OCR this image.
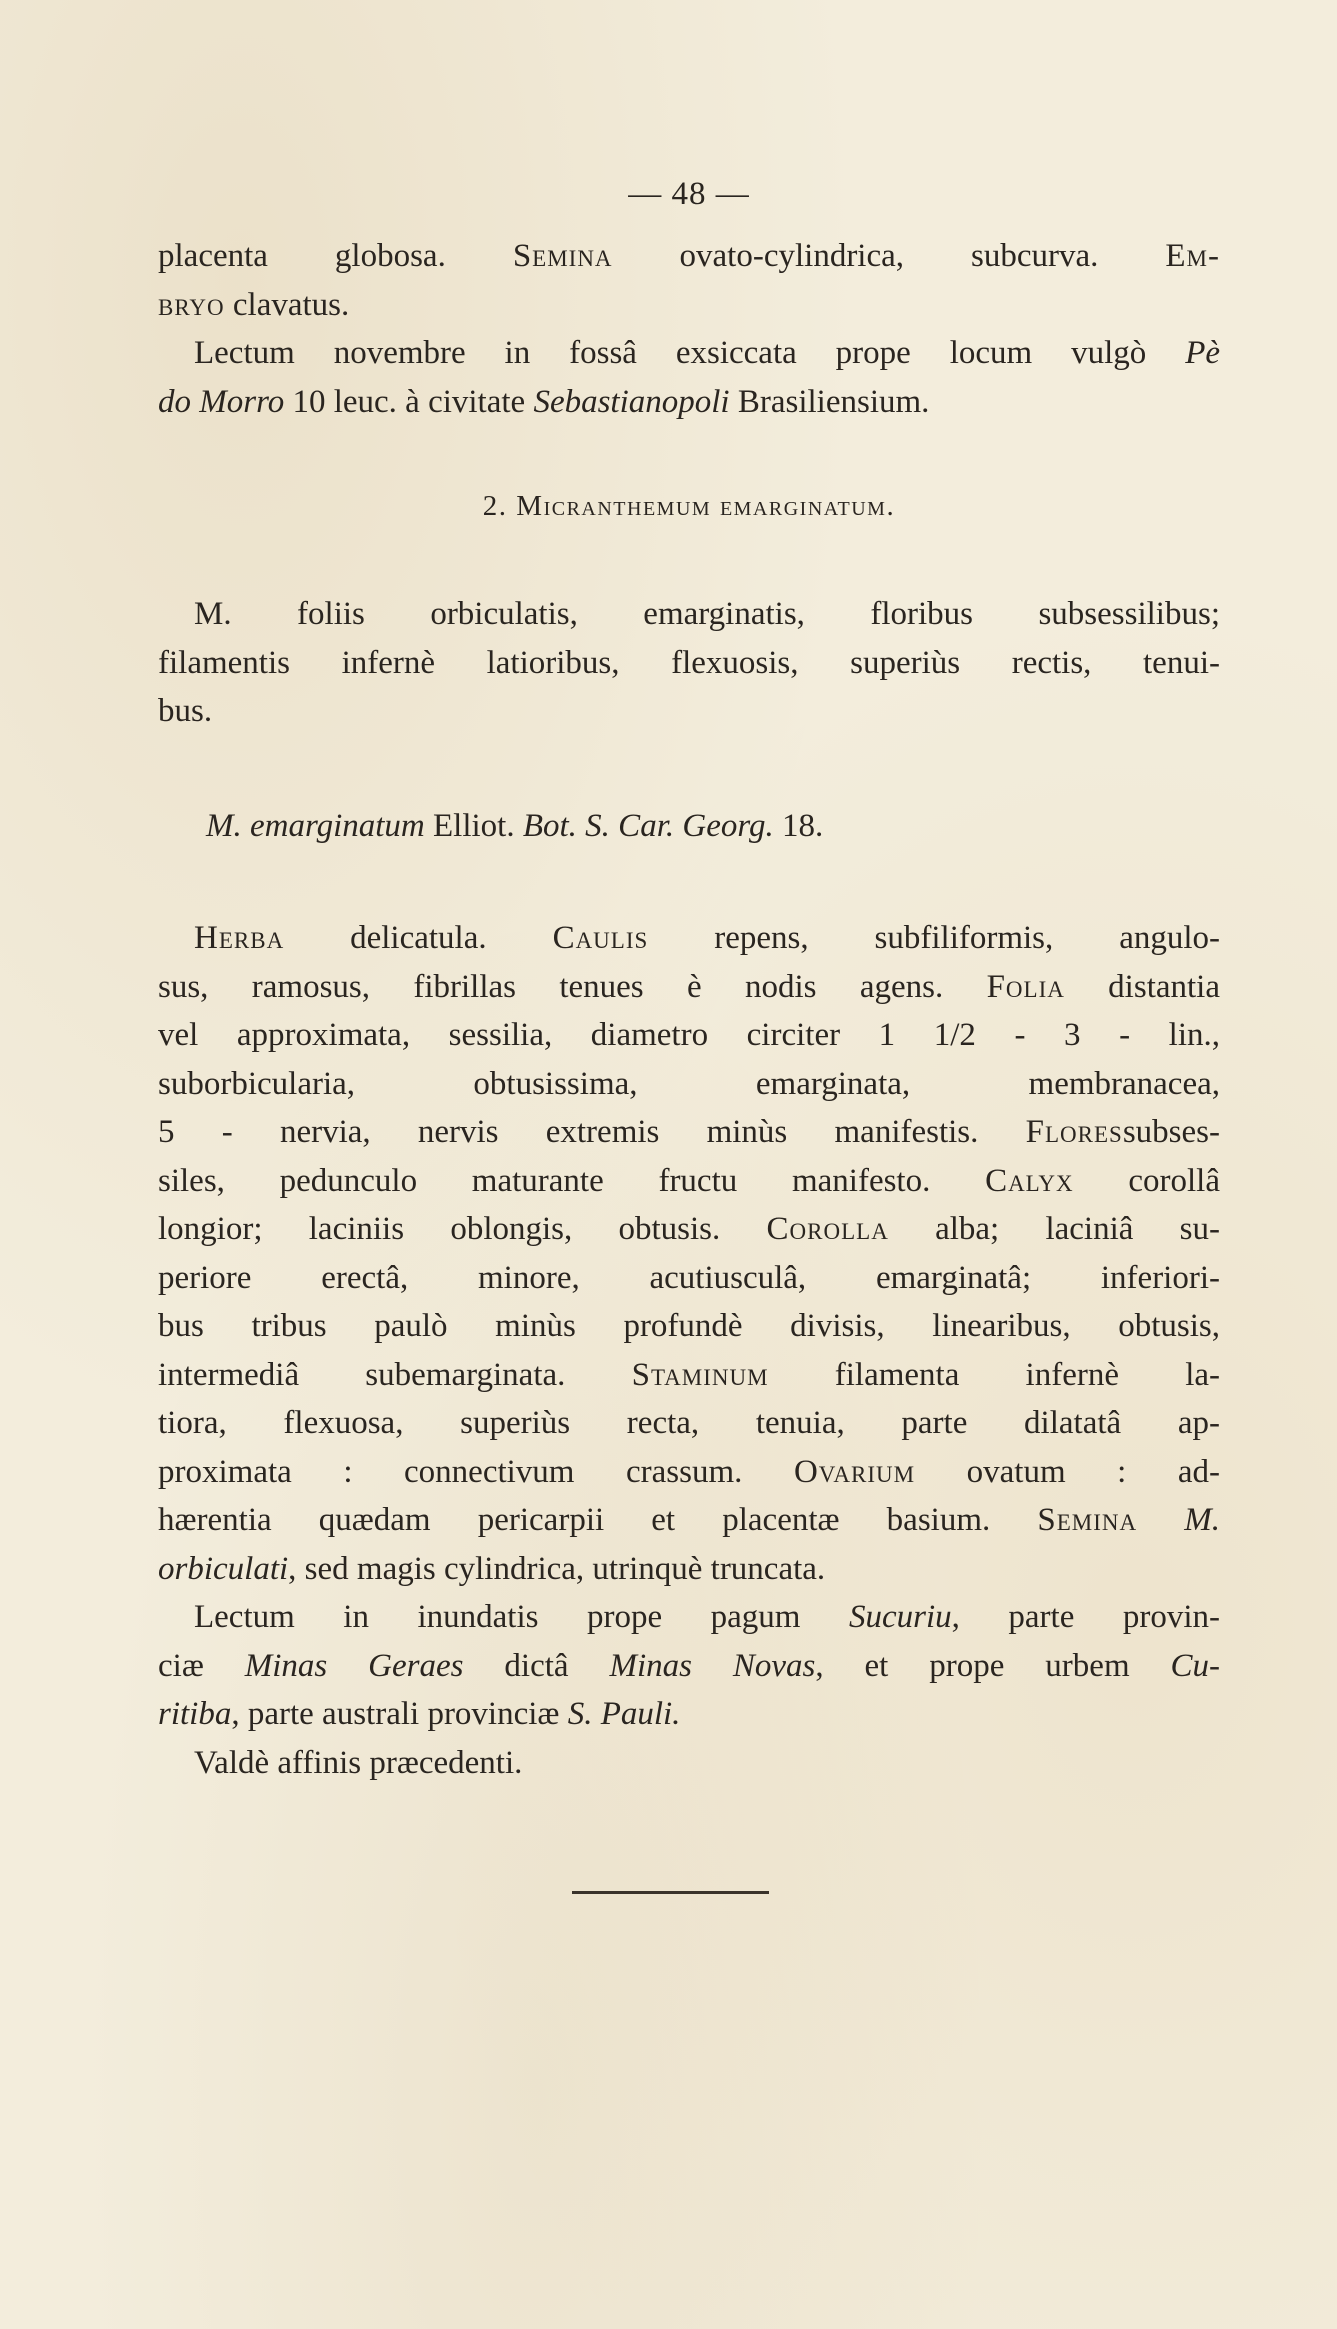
— 48 —
placenta globosa. Semina ovato-cylindrica, subcurva. Em-
bryo clavatus.
Lectum novembre in fossâ exsiccata prope locum vulgò Pè
do Morro 10 leuc. à civitate Sebastianopoli Brasiliensium.
2. Micranthemum emarginatum.
M. foliis orbiculatis, emarginatis, floribus subsessilibus;
filamentis infernè latioribus, flexuosis, superiùs rectis, tenui-
bus.
M. emarginatum Elliot. Bot. S. Car. Georg. 18.
Herba delicatula. Caulis repens, subfiliformis, angulo-
sus, ramosus, fibrillas tenues è nodis agens. Folia distantia
vel approximata, sessilia, diametro circiter 1 1/2 - 3 - lin.,
suborbicularia, obtusissima, emarginata, membranacea,
5 - nervia, nervis extremis minùs manifestis. Floressubses-
siles, pedunculo maturante fructu manifesto. Calyx corollâ
longior; laciniis oblongis, obtusis. Corolla alba; laciniâ su-
periore erectâ, minore, acutiusculâ, emarginatâ; inferiori-
bus tribus paulò minùs profundè divisis, linearibus, obtusis,
intermediâ subemarginata. Staminum filamenta infernè la-
tiora, flexuosa, superiùs recta, tenuia, parte dilatatâ ap-
proximata : connectivum crassum. Ovarium ovatum : ad-
hærentia quædam pericarpii et placentæ basium. Semina M.
orbiculati, sed magis cylindrica, utrinquè truncata.
Lectum in inundatis prope pagum Sucuriu, parte provin-
ciæ Minas Geraes dictâ Minas Novas, et prope urbem Cu-
ritiba, parte australi provinciæ S. Pauli.
Valdè affinis præcedenti.
